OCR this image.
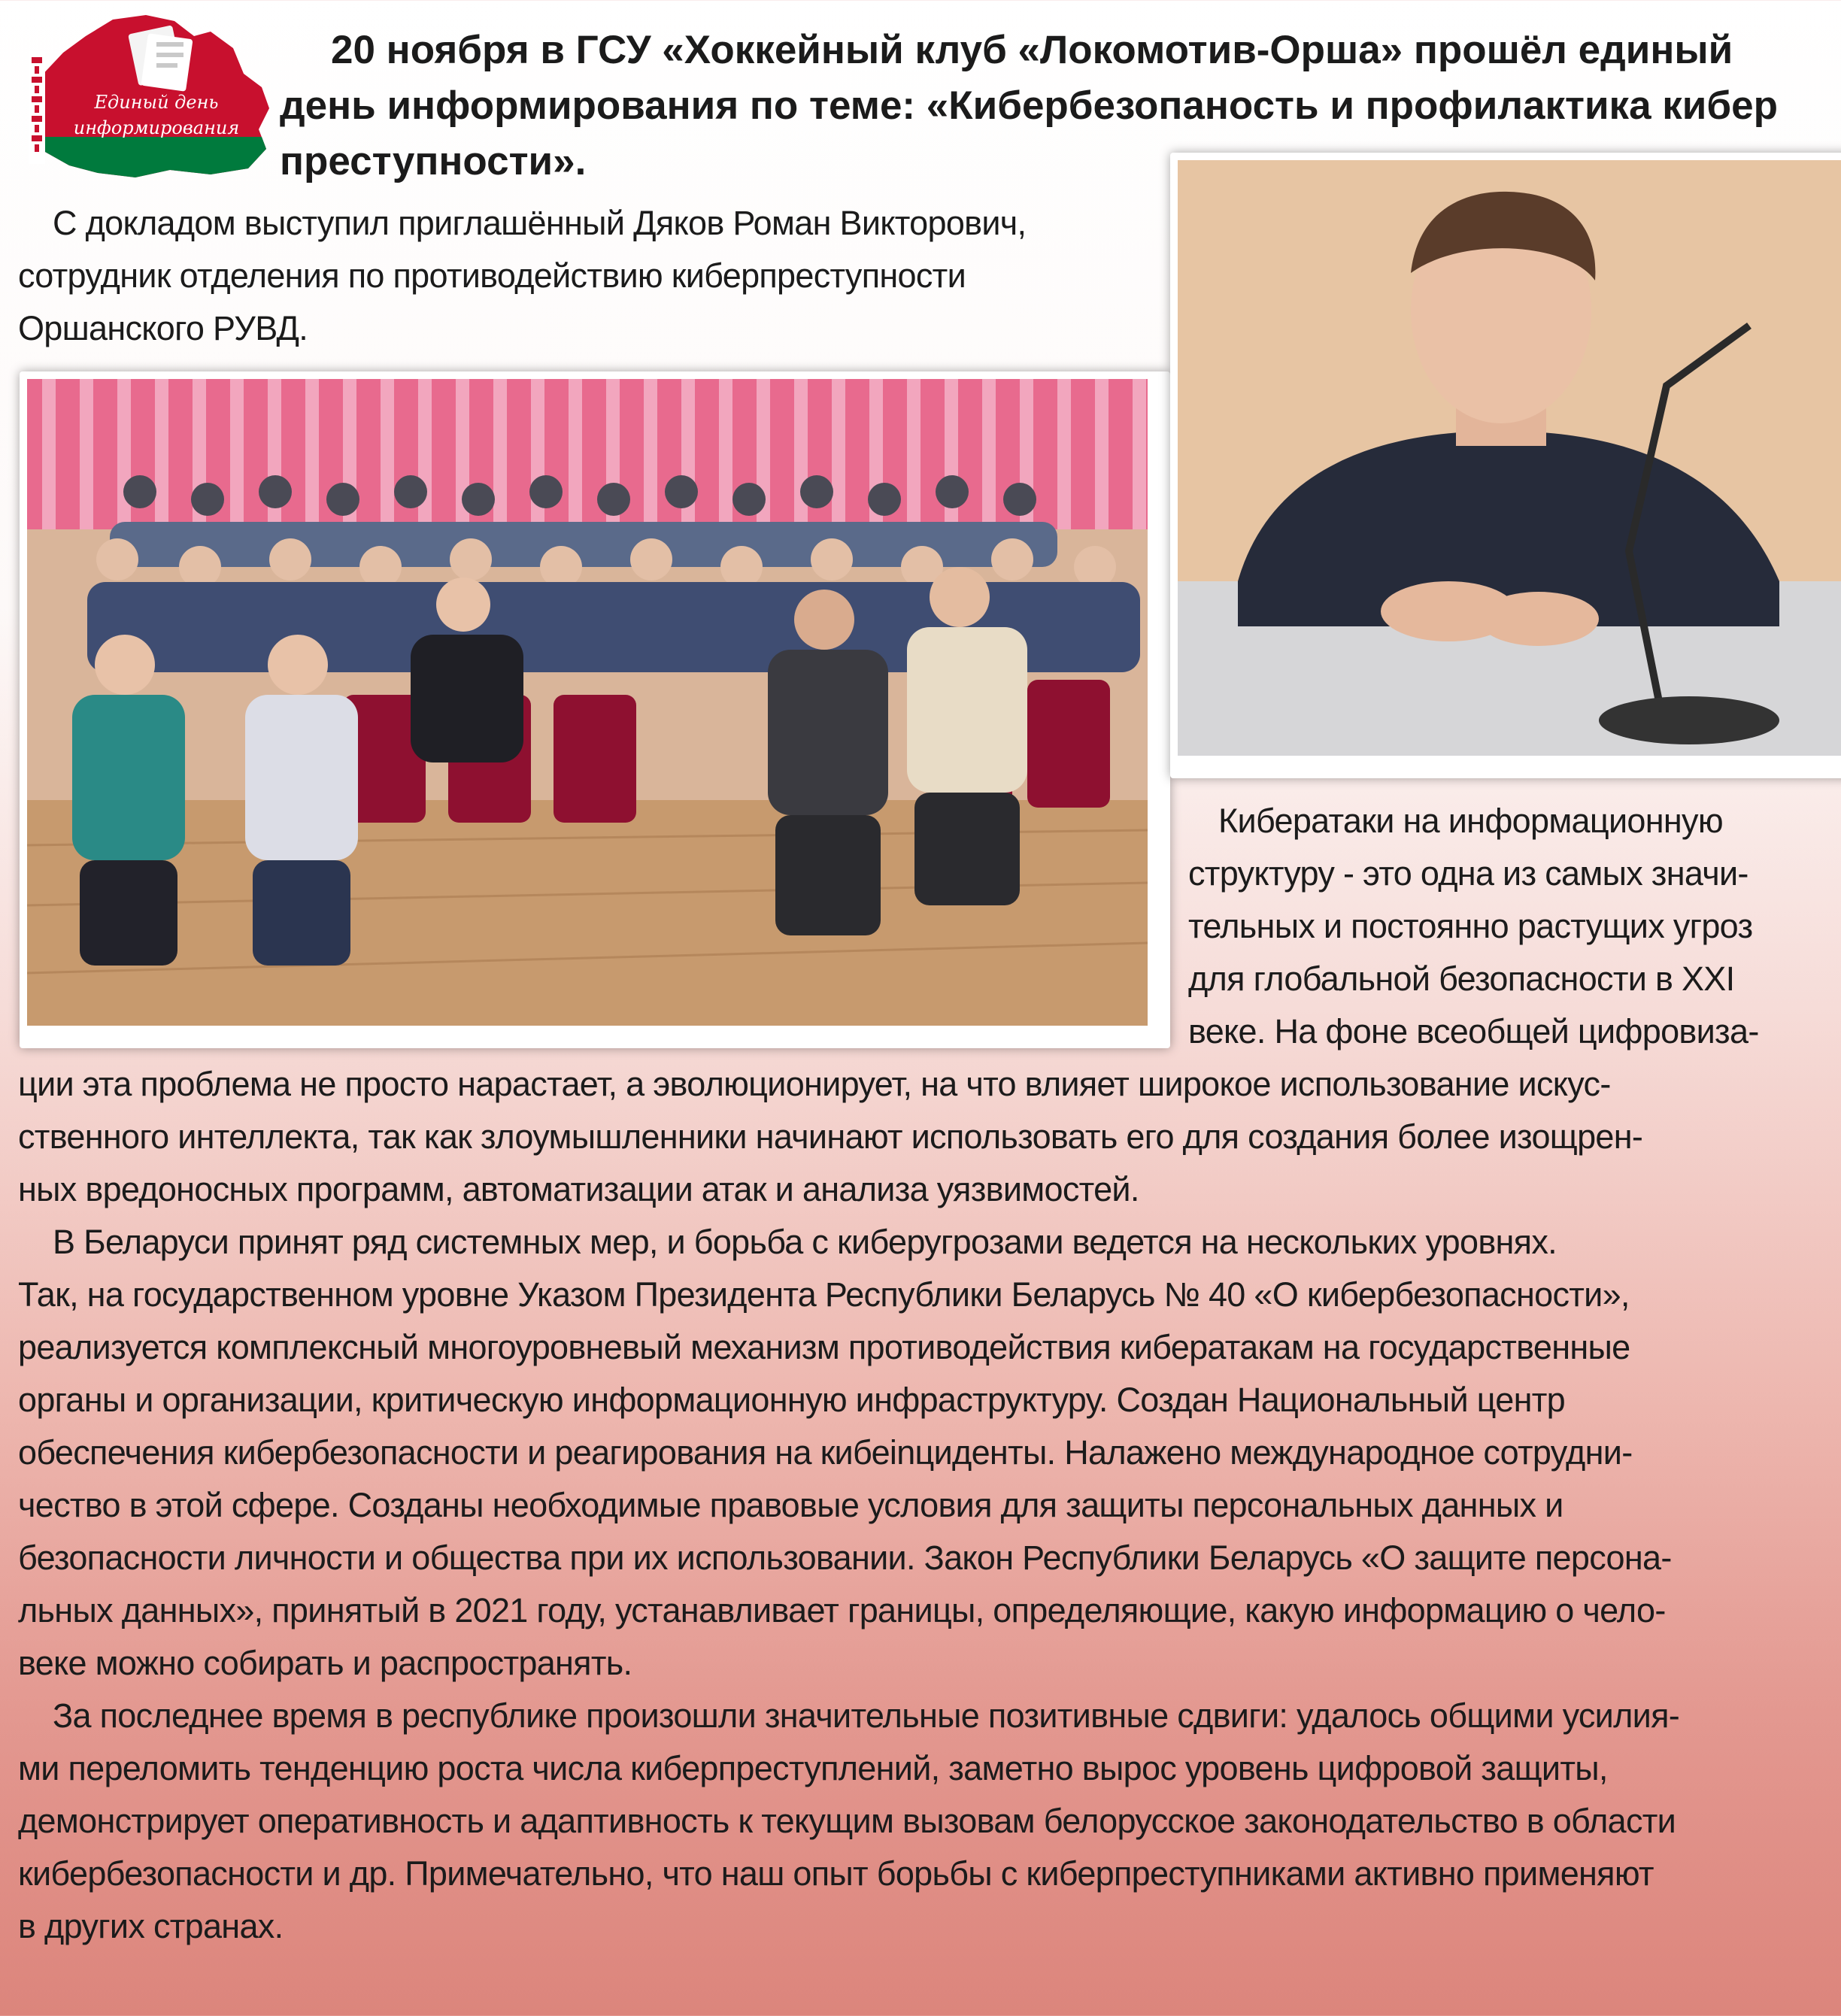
Единый день
информирования
20 ноября в ГСУ «Хоккейный клуб «Локомотив-Орша» прошёл единый
день информирования по теме: «Кибербезопаность и профилактика кибер
преступности».
С докладом выступил приглашённый Дяков Роман Викторович,
сотрудник отделения по противодействию киберпреступности
Оршанского РУВД.
Кибератаки на информационную
структуру - это одна из самых значи-
тельных и постоянно растущих угроз
для глобальной безопасности в XXI
веке. На фоне всеобщей цифровиза-
ции эта проблема не просто нарастает, а эволюционирует, на что влияет широкое использование искус-
ственного интеллекта, так как злоумышленники начинают использовать его для создания более изощрен-
ных вредоносных программ, автоматизации атак и анализа уязвимостей.
В Беларуси принят ряд системных мер, и борьба с киберугрозами ведется на нескольких уровнях.
Так, на государственном уровне Указом Президента Республики Беларусь № 40 «О кибербезопасности»,
реализуется комплексный многоуровневый механизм противодействия кибератакам на государственные
органы и организации, критическую информационную инфраструктуру. Создан Национальный центр
обеспечения кибербезопасности и реагирования на кибеinциденты. Налажено международное сотрудни-
чество в этой сфере. Созданы необходимые правовые условия для защиты персональных данных и
безопасности личности и общества при их использовании. Закон Республики Беларусь «О защите персона-
льных данных», принятый в 2021 году, устанавливает границы, определяющие, какую информацию о чело-
веке можно собирать и распространять.
За последнее время в республике произошли значительные позитивные сдвиги: удалось общими усилия-
ми переломить тенденцию роста числа киберпреступлений, заметно вырос уровень цифровой защиты,
демонстрирует оперативность и адаптивность к текущим вызовам белорусское законодательство в области
кибербезопасности и др. Примечательно, что наш опыт борьбы с киберпреступниками активно применяют
в других странах.
